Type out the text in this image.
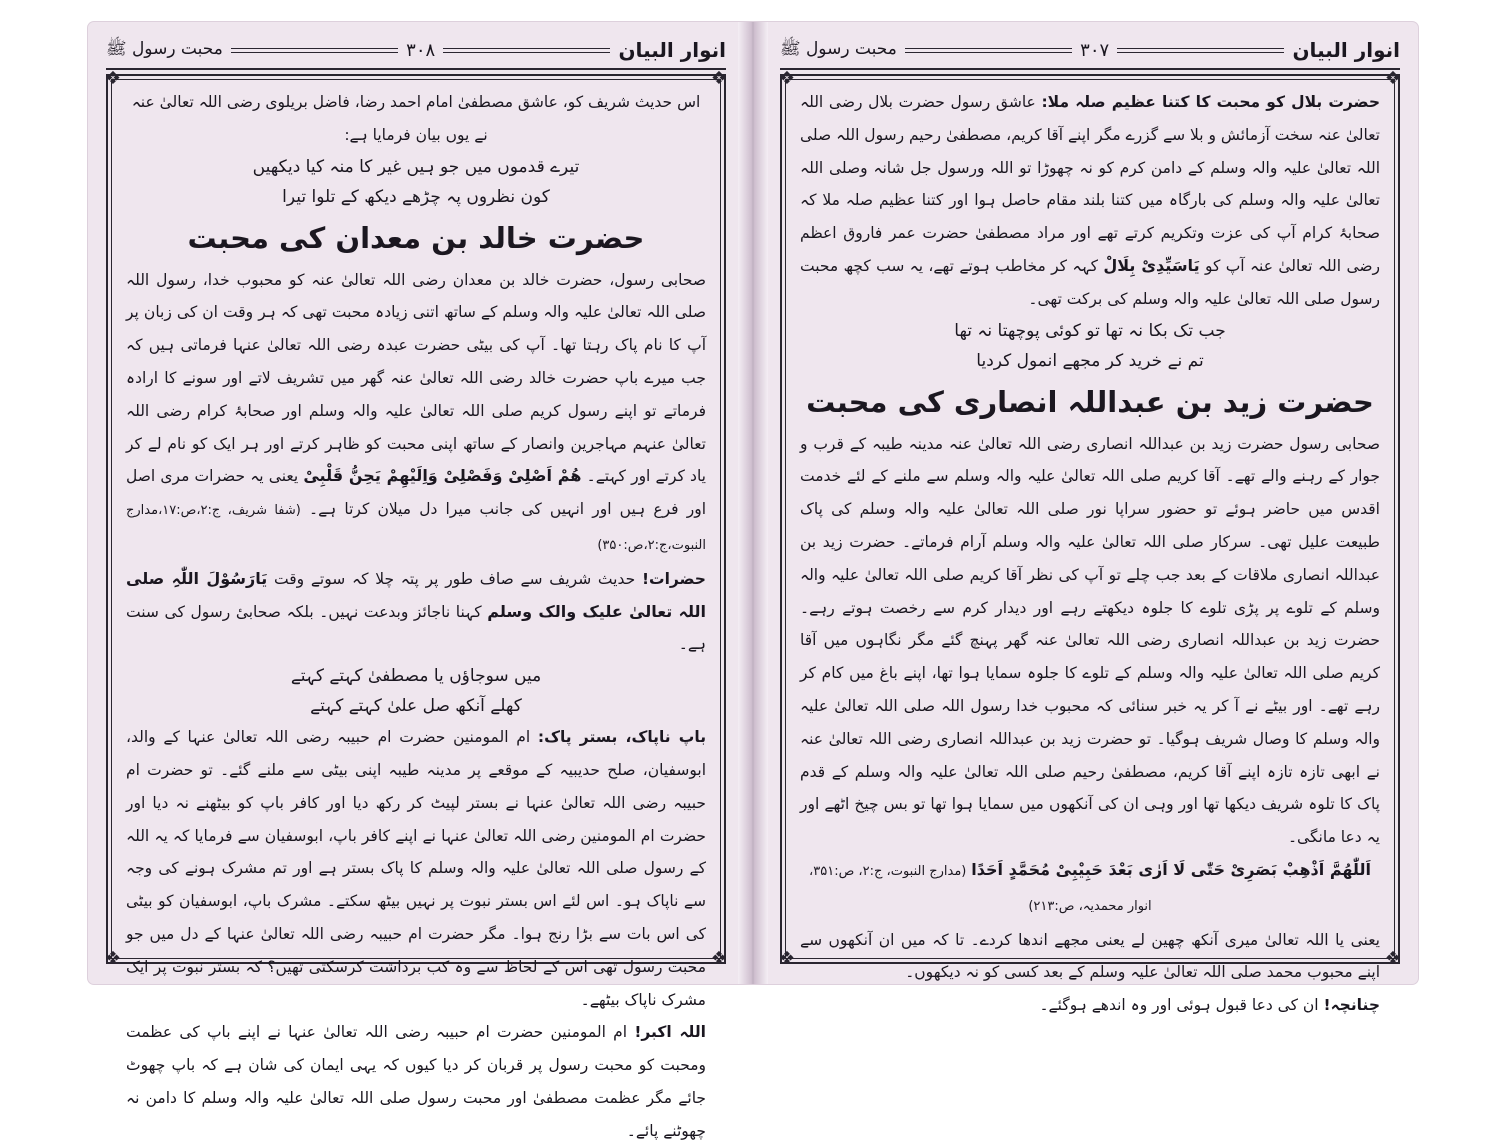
محبت رسول ﷺ	۳۰۸	انوار البیان
❖	❖
❖	❖

اس حدیث شریف کو، عاشق مصطفیٰ امام احمد رضا، فاضل بریلوی رضی اللہ تعالیٰ عنہ نے یوں بیان فرمایا ہے:

تیرے قدموں میں جو ہیں غیر کا منہ کیا دیکھیں
کون نظروں پہ چڑھے دیکھ کے تلوا تیرا
حضرت خالد بن معدان کی محبت

صحابی رسول، حضرت خالد بن معدان رضی اللہ تعالیٰ عنہ کو محبوب خدا، رسول اللہ صلی اللہ تعالیٰ علیہ والہ وسلم کے ساتھ اتنی زیادہ محبت تھی کہ ہر وقت ان کی زبان پر آپ کا نام پاک رہتا تھا۔ آپ کی بیٹی حضرت عبدہ رضی اللہ تعالیٰ عنہا فرماتی ہیں کہ جب میرے باپ حضرت خالد رضی اللہ تعالیٰ عنہ گھر میں تشریف لاتے اور سونے کا ارادہ فرماتے تو اپنے رسول کریم صلی اللہ تعالیٰ علیہ والہ وسلم اور صحابۂ کرام رضی اللہ تعالیٰ عنہم مہاجرین وانصار کے ساتھ اپنی محبت کو ظاہر کرتے اور ہر ایک کو نام لے کر یاد کرتے اور کہتے۔ ھُمْ اَصْلِیْ وَفَصْلِیْ وَاِلَیْھِمْ یَحِنُّ قَلْبِیْ یعنی یہ حضرات مری اصل اور فرع ہیں اور انہیں کی جانب میرا دل میلان کرتا ہے۔ (شفا شریف، ج:۲،ص:۱۷،مدارج النبوت،ج:۲،ص:۳۵۰)

حضرات! حدیث شریف سے صاف طور پر پتہ چلا کہ سوتے وقت یَارَسُوْلَ اللّٰہِ صلی اللہ تعالیٰ علیک والک وسلم کہنا ناجائز وبدعت نہیں۔ بلکہ صحابیٔ رسول کی سنت ہے۔

میں سوجاؤں یا مصطفیٰ کہتے کہتے
کھلے آنکھ صل علیٰ کہتے کہتے

باپ ناپاک، بستر پاک: ام المومنین حضرت ام حبیبہ رضی اللہ تعالیٰ عنہا کے والد، ابوسفیان، صلح حدیبیہ کے موقعے پر مدینہ طیبہ اپنی بیٹی سے ملنے گئے۔ تو حضرت ام حبیبہ رضی اللہ تعالیٰ عنہا نے بستر لپیٹ کر رکھ دیا اور کافر باپ کو بیٹھنے نہ دیا اور حضرت ام المومنین رضی اللہ تعالیٰ عنہا نے اپنے کافر باپ، ابوسفیان سے فرمایا کہ یہ اللہ کے رسول صلی اللہ تعالیٰ علیہ والہ وسلم کا پاک بستر ہے اور تم مشرک ہونے کی وجہ سے ناپاک ہو۔ اس لئے اس بستر نبوت پر نہیں بیٹھ سکتے۔ مشرک باپ، ابوسفیان کو بیٹی کی اس بات سے بڑا رنج ہوا۔ مگر حضرت ام حبیبہ رضی اللہ تعالیٰ عنہا کے دل میں جو محبت رسول تھی اس کے لحاظ سے وہ کب برداشت کرسکتی تھیں؟ کہ بستر نبوت پر ایک مشرک ناپاک بیٹھے۔

اللہ اکبر! ام المومنین حضرت ام حبیبہ رضی اللہ تعالیٰ عنہا نے اپنے باپ کی عظمت ومحبت کو محبت رسول پر قربان کر دیا کیوں کہ یہی ایمان کی شان ہے کہ باپ چھوٹ جائے مگر عظمت مصطفیٰ اور محبت رسول صلی اللہ تعالیٰ علیہ والہ وسلم کا دامن نہ چھوٹنے پائے۔

محبت رسول ﷺ	۳۰۷	انوار البیان
❖	❖
❖	❖

حضرت بلال کو محبت کا کتنا عظیم صلہ ملا: عاشق رسول حضرت بلال رضی اللہ تعالیٰ عنہ سخت آزمائش و بلا سے گزرے مگر اپنے آقا کریم، مصطفیٰ رحیم رسول اللہ صلی اللہ تعالیٰ علیہ والہ وسلم کے دامن کرم کو نہ چھوڑا تو اللہ ورسول جل شانہ وصلی اللہ تعالیٰ علیہ والہ وسلم کی بارگاہ میں کتنا بلند مقام حاصل ہوا اور کتنا عظیم صلہ ملا کہ صحابۂ کرام آپ کی عزت وتکریم کرتے تھے اور مراد مصطفیٰ حضرت عمر فاروق اعظم رضی اللہ تعالیٰ عنہ آپ کو یَاسَیِّدِیْ بِلَالْ کہہ کر مخاطب ہوتے تھے، یہ سب کچھ محبت رسول صلی اللہ تعالیٰ علیہ والہ وسلم کی برکت تھی۔

جب تک بکا نہ تھا تو کوئی پوچھتا نہ تھا
تم نے خرید کر مجھے انمول کردیا
حضرت زید بن عبداللہ انصاری کی محبت

صحابی رسول حضرت زید بن عبداللہ انصاری رضی اللہ تعالیٰ عنہ مدینہ طیبہ کے قرب و جوار کے رہنے والے تھے۔ آقا کریم صلی اللہ تعالیٰ علیہ والہ وسلم سے ملنے کے لئے خدمت اقدس میں حاضر ہوئے تو حضور سراپا نور صلی اللہ تعالیٰ علیہ والہ وسلم کی پاک طبیعت علیل تھی۔ سرکار صلی اللہ تعالیٰ علیہ والہ وسلم آرام فرماتے۔ حضرت زید بن عبداللہ انصاری ملاقات کے بعد جب چلے تو آپ کی نظر آقا کریم صلی اللہ تعالیٰ علیہ والہ وسلم کے تلوے پر پڑی تلوے کا جلوہ دیکھتے رہے اور دیدار کرم سے رخصت ہوتے رہے۔ حضرت زید بن عبداللہ انصاری رضی اللہ تعالیٰ عنہ گھر پہنچ گئے مگر نگاہوں میں آقا کریم صلی اللہ تعالیٰ علیہ والہ وسلم کے تلوے کا جلوہ سمایا ہوا تھا، اپنے باغ میں کام کر رہے تھے۔ اور بیٹے نے آ کر یہ خبر سنائی کہ محبوب خدا رسول اللہ صلی اللہ تعالیٰ علیہ والہ وسلم کا وصال شریف ہوگیا۔ تو حضرت زید بن عبداللہ انصاری رضی اللہ تعالیٰ عنہ نے ابھی تازہ تازہ اپنے آقا کریم، مصطفیٰ رحیم صلی اللہ تعالیٰ علیہ والہ وسلم کے قدم پاک کا تلوہ شریف دیکھا تھا اور وہی ان کی آنکھوں میں سمایا ہوا تھا تو بس چیخ اٹھے اور یہ دعا مانگی۔

اَللّٰھُمَّ اَذْھِبْ بَصَرِیْ حَتّٰی لَا اَرٰی بَعْدَ حَبِیْبِیْ مُحَمَّدٍ اَحَدًا (مدارج النبوت، ج:۲، ص:۳۵۱، انوار محمدیہ، ص:۲۱۳)

یعنی یا اللہ تعالیٰ میری آنکھ چھین لے یعنی مجھے اندھا کردے۔ تا کہ میں ان آنکھوں سے اپنے محبوب محمد صلی اللہ تعالیٰ علیہ وسلم کے بعد کسی کو نہ دیکھوں۔

چنانچہ! ان کی دعا قبول ہوئی اور وہ اندھے ہوگئے۔
